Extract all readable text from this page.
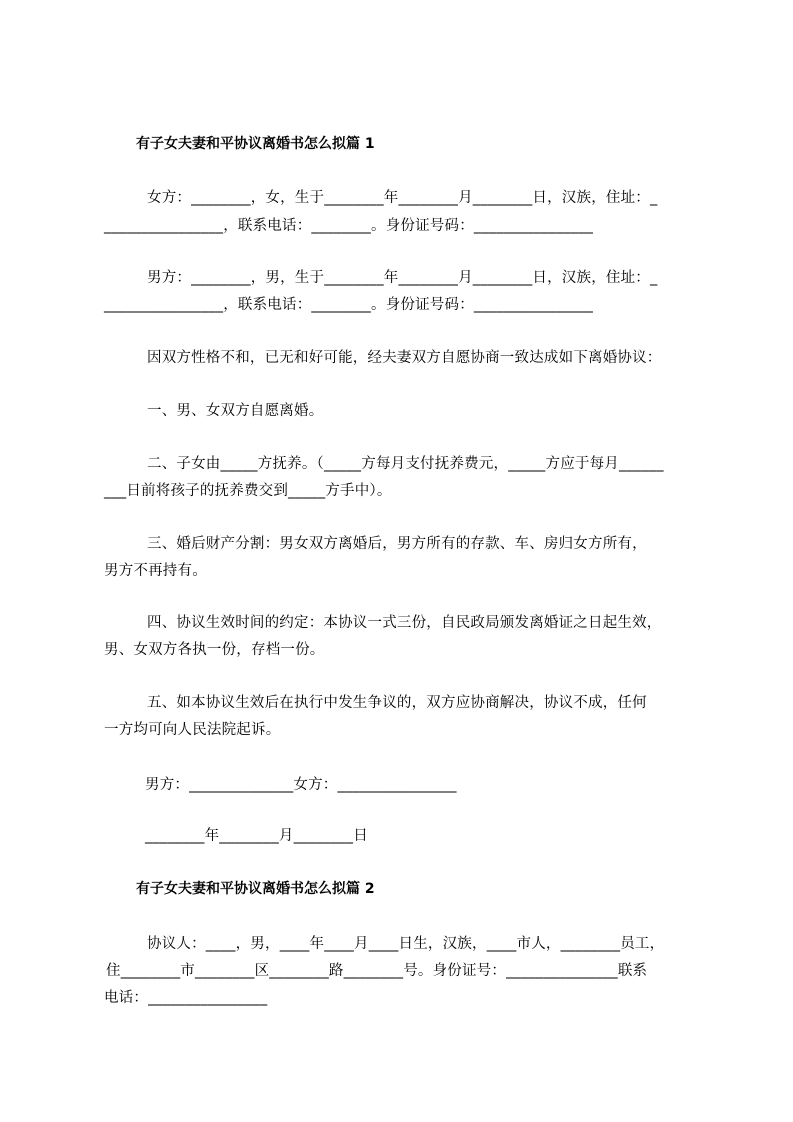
有子女夫妻和平协议离婚书怎么拟篇 1
女方：________，女，生于________年________月________日，汉族，住址：_
________________，联系电话：________。身份证号码：________________
男方：________，男，生于________年________月________日，汉族，住址：_
________________，联系电话：________。身份证号码：________________
因双方性格不和，已无和好可能，经夫妻双方自愿协商一致达成如下离婚协议：
一、男、女双方自愿离婚。
二、子女由_____方抚养。（_____方每月支付抚养费元，_____方应于每月______
___日前将孩子的抚养费交到_____方手中）。
三、婚后财产分割：男女双方离婚后，男方所有的存款、车、房归女方所有，
男方不再持有。
四、协议生效时间的约定：本协议一式三份，自民政局颁发离婚证之日起生效，
男、女双方各执一份，存档一份。
五、如本协议生效后在执行中发生争议的，双方应协商解决，协议不成，任何
一方均可向人民法院起诉。
男方：______________女方：________________
________年________月________日
有子女夫妻和平协议离婚书怎么拟篇 2
协议人：____，男，____年____月____日生，汉族，____市人，________员工，
住________市________区________路________号。身份证号：_______________联系
电话：________________
